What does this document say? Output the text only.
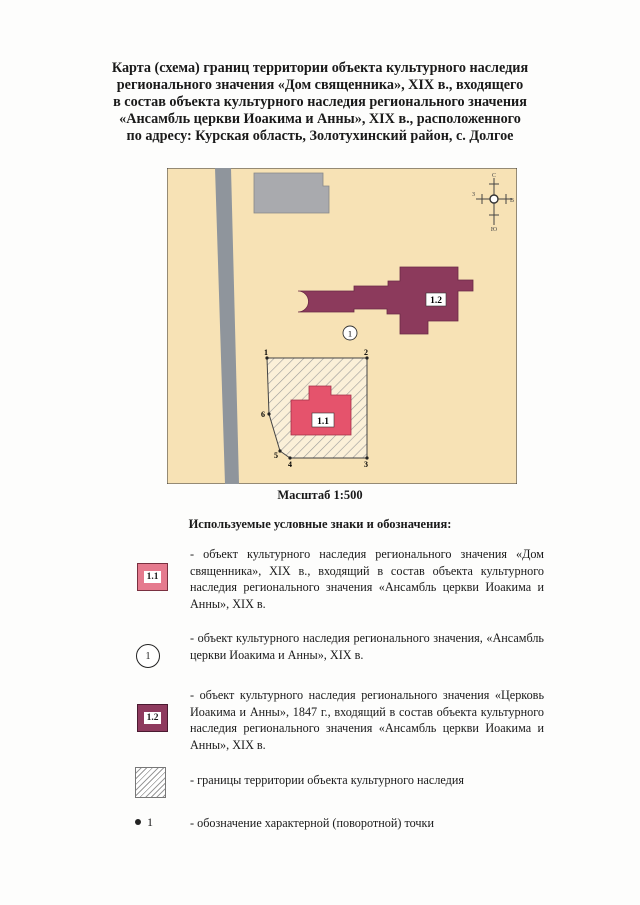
Карта (схема) границ территории объекта культурного наследия
регионального значения «Дом священника», XIX в., входящего
в состав объекта культурного наследия регионального значения
«Ансамбль церкви Иоакима и Анны», XIX в., расположенного
по адресу: Курская область, Золотухинский район, с. Долгое
С
В
Ю
З
1.2
1
1.1
1	2
3
4
5
6
Масштаб 1:500
Используемые условные знаки и обозначения:
1.1
- объект культурного наследия регионального значения «Дом священника», XIX в., входящий в состав объекта культурного наследия регионального значения «Ансамбль церкви Иоакима и Анны», XIX в.
1
- объект культурного наследия регионального значения, «Ансамбль церкви Иоакима и Анны», XIX в.
1.2
- объект культурного наследия регионального значения «Церковь Иоакима и Анны», 1847 г., входящий в состав объекта культурного наследия регионального значения «Ансамбль церкви Иоакима и Анны», XIX в.
- границы территории объекта культурного наследия
1	- обозначение характерной (поворотной) точки
